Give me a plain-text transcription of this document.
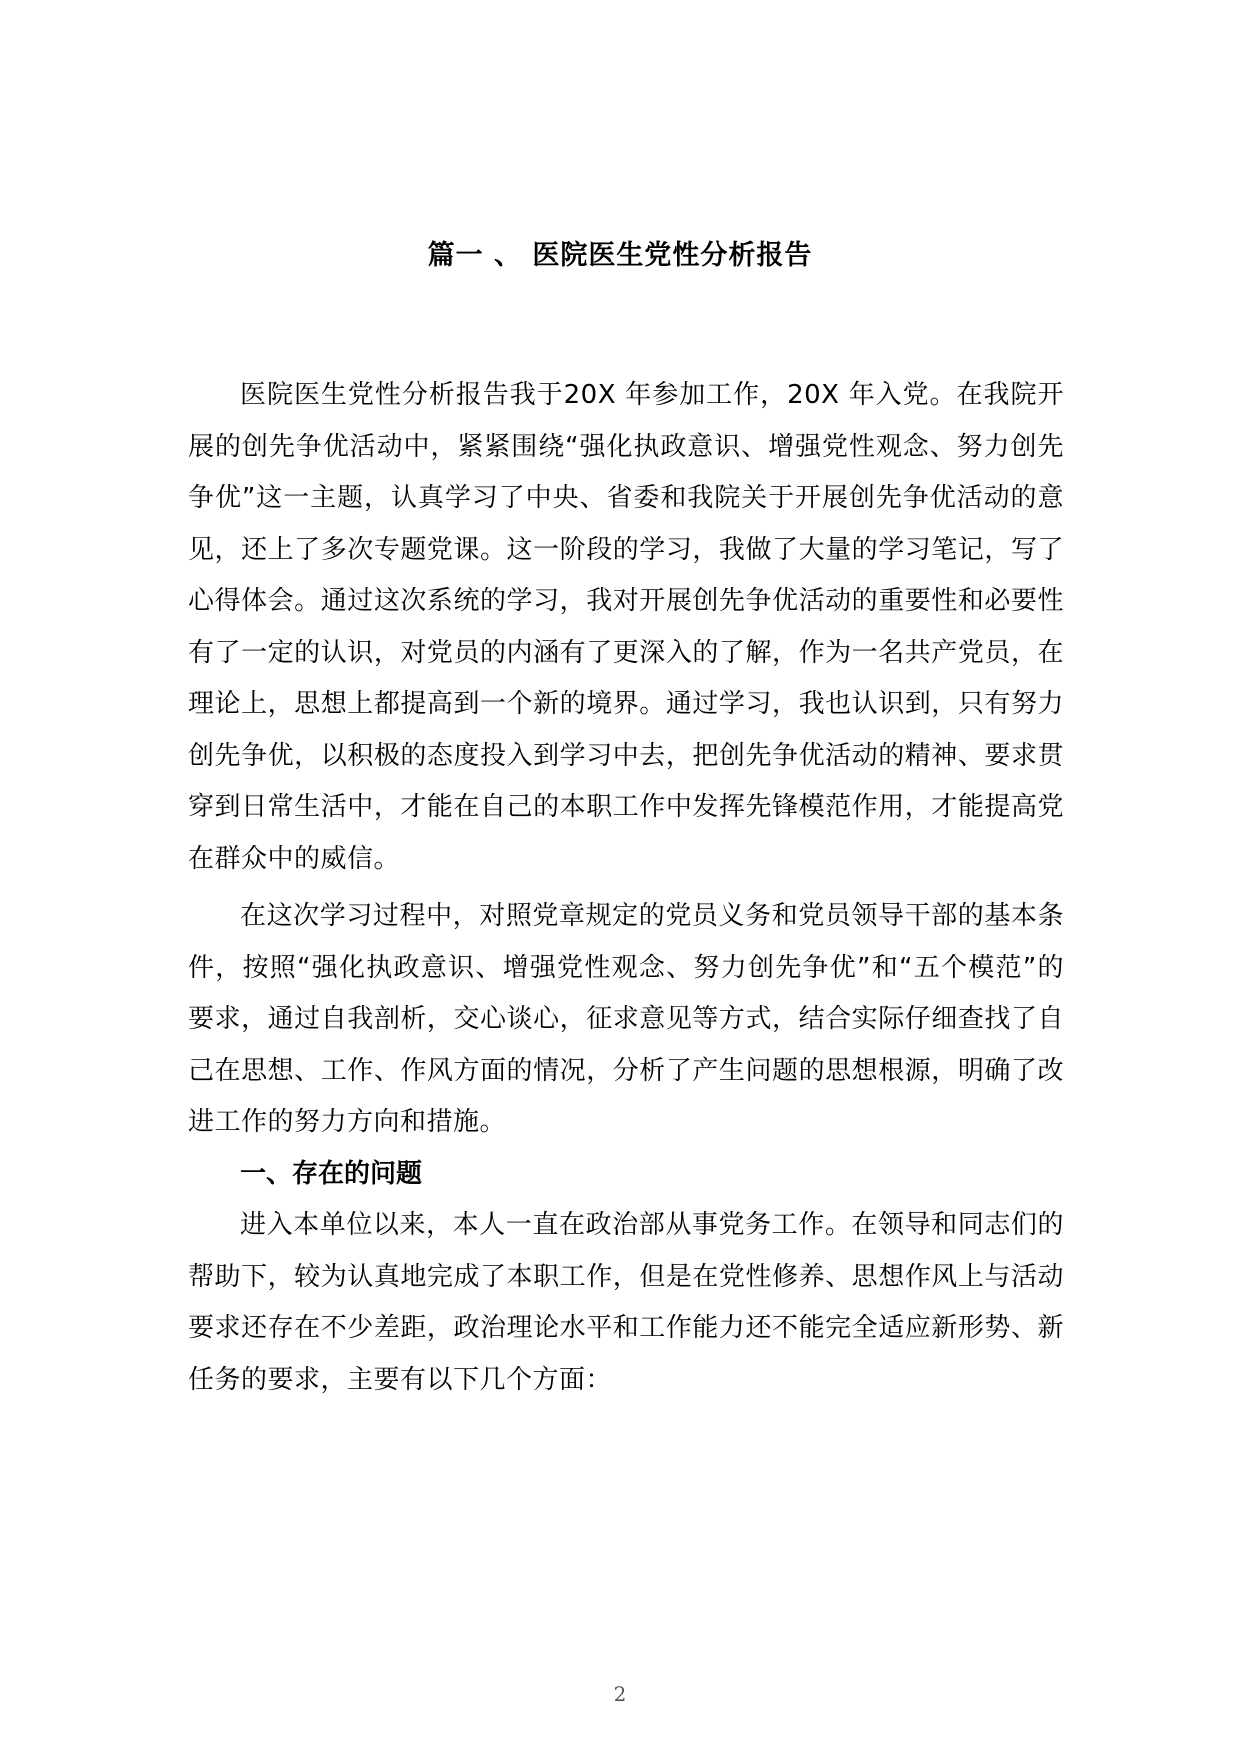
篇一 、 医院医生党性分析报告

医院医生党性分析报告我于20X 年参加工作，20X 年入党。在我院开展的创先争优活动中，紧紧围绕“强化执政意识、增强党性观念、努力创先争优”这一主题，认真学习了中央、省委和我院关于开展创先争优活动的意见，还上了多次专题党课。这一阶段的学习，我做了大量的学习笔记，写了心得体会。通过这次系统的学习，我对开展创先争优活动的重要性和必要性有了一定的认识，对党员的内涵有了更深入的了解，作为一名共产党员，在理论上，思想上都提高到一个新的境界。通过学习，我也认识到，只有努力创先争优，以积极的态度投入到学习中去，把创先争优活动的精神、要求贯穿到日常生活中，才能在自己的本职工作中发挥先锋模范作用，才能提高党在群众中的威信。

在这次学习过程中，对照党章规定的党员义务和党员领导干部的基本条件，按照“强化执政意识、增强党性观念、努力创先争优”和“五个模范”的要求，通过自我剖析，交心谈心，征求意见等方式，结合实际仔细查找了自己在思想、工作、作风方面的情况，分析了产生问题的思想根源，明确了改进工作的努力方向和措施。

一、存在的问题

进入本单位以来，本人一直在政治部从事党务工作。在领导和同志们的帮助下，较为认真地完成了本职工作，但是在党性修养、思想作风上与活动要求还存在不少差距，政治理论水平和工作能力还不能完全适应新形势、新任务的要求，主要有以下几个方面：

2
